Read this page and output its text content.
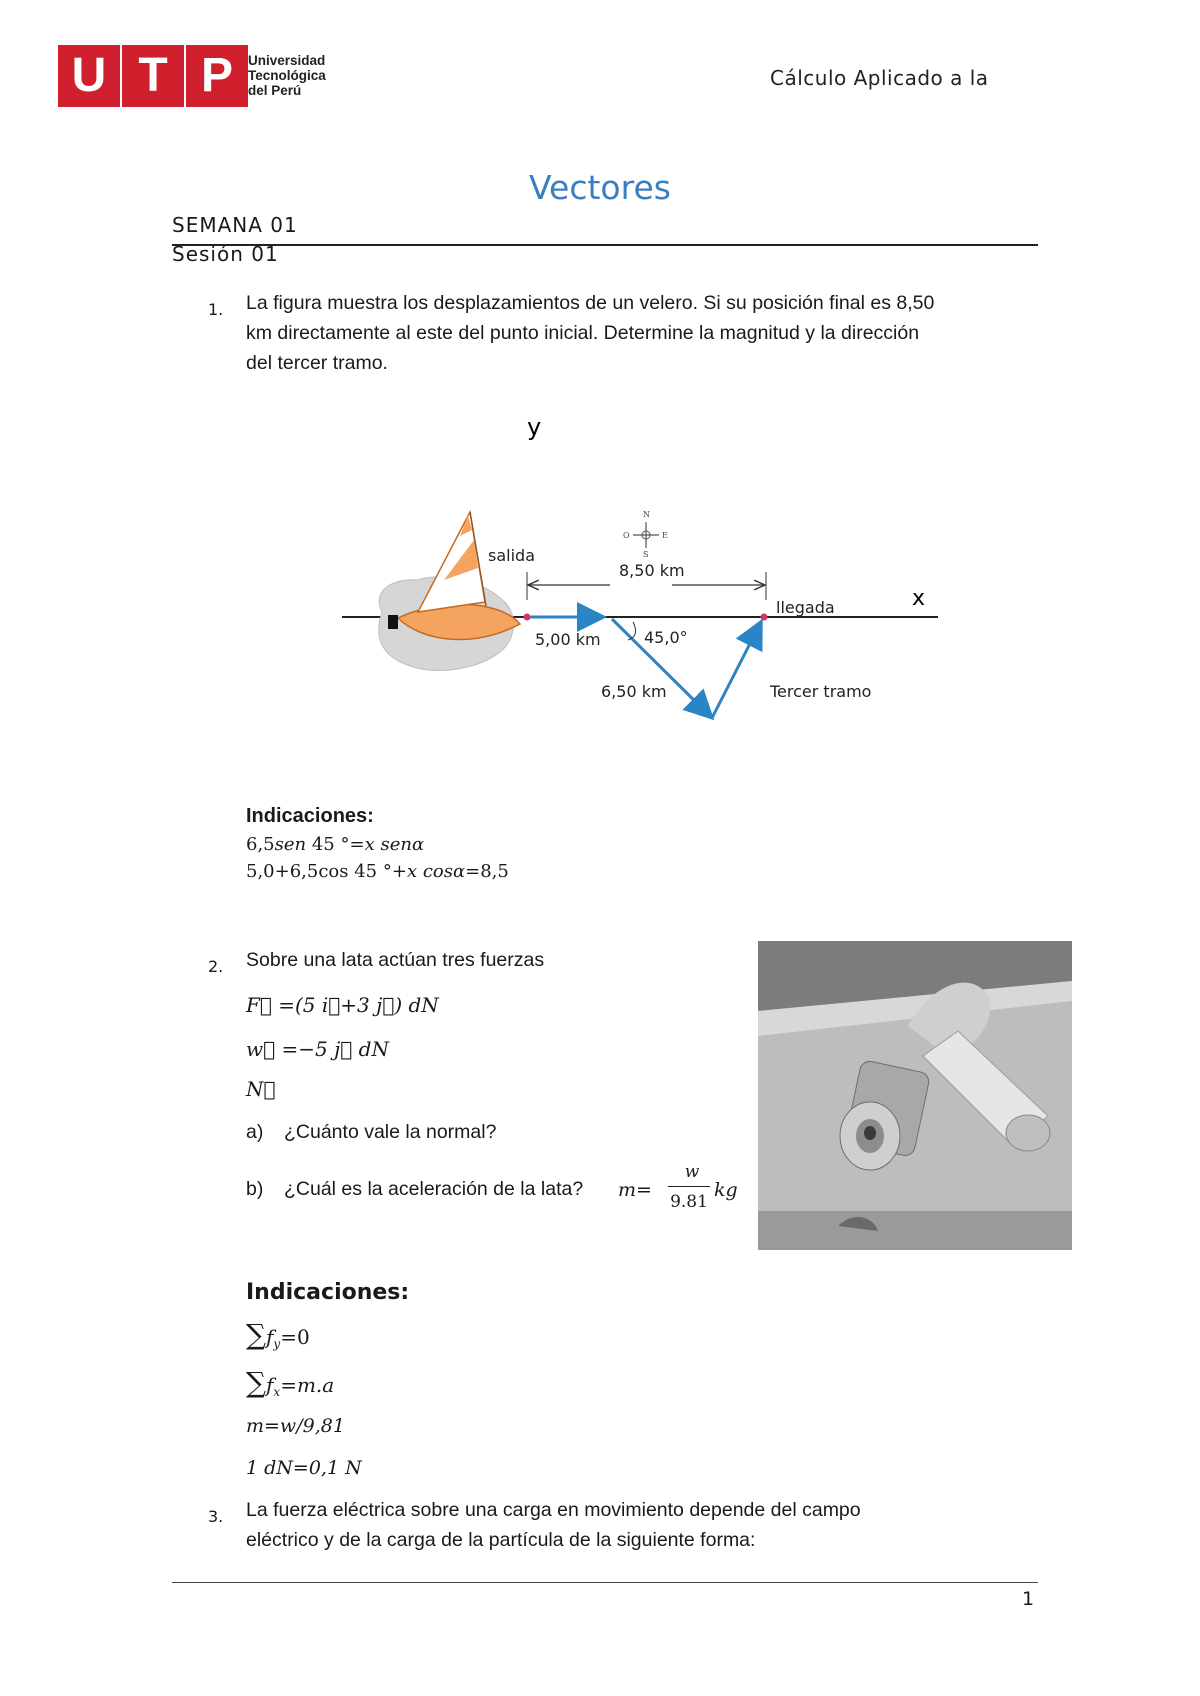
U T P	Universidad
Tecnológica
del Perú
Cálculo Aplicado a la
Vectores
SEMANA 01
Sesión 01
1. La figura muestra los desplazamientos de un velero. Si su posición final es 8,50
km directamente al este del punto inicial. Determine la magnitud y la dirección
del tercer tramo.
y
x
N
O	E
S
salida
llegada
8,50 km
5,00 km	45,0°
6,50 km	Tercer tramo
Indicaciones:
6,5sen 45 °=x senα
5,0+6,5cos 45 °+x cosα=8,5
2. Sobre una lata actúan tres fuerzas
F⃗ =(5 i⃗+3 j⃗) dN
w⃗ =−5 j⃗ dN
N⃗
a) ¿Cuánto vale la normal?
b) ¿Cuál es la aceleración de la lata? m=
w
9.81
kg
Indicaciones:
$\sum f_y=0$
$\sum f_x=m.a$
m=w/9,81
1 dN=0,1 N
3. La fuerza eléctrica sobre una carga en movimiento depende del campo
eléctrico y de la carga de la partícula de la siguiente forma:
1
